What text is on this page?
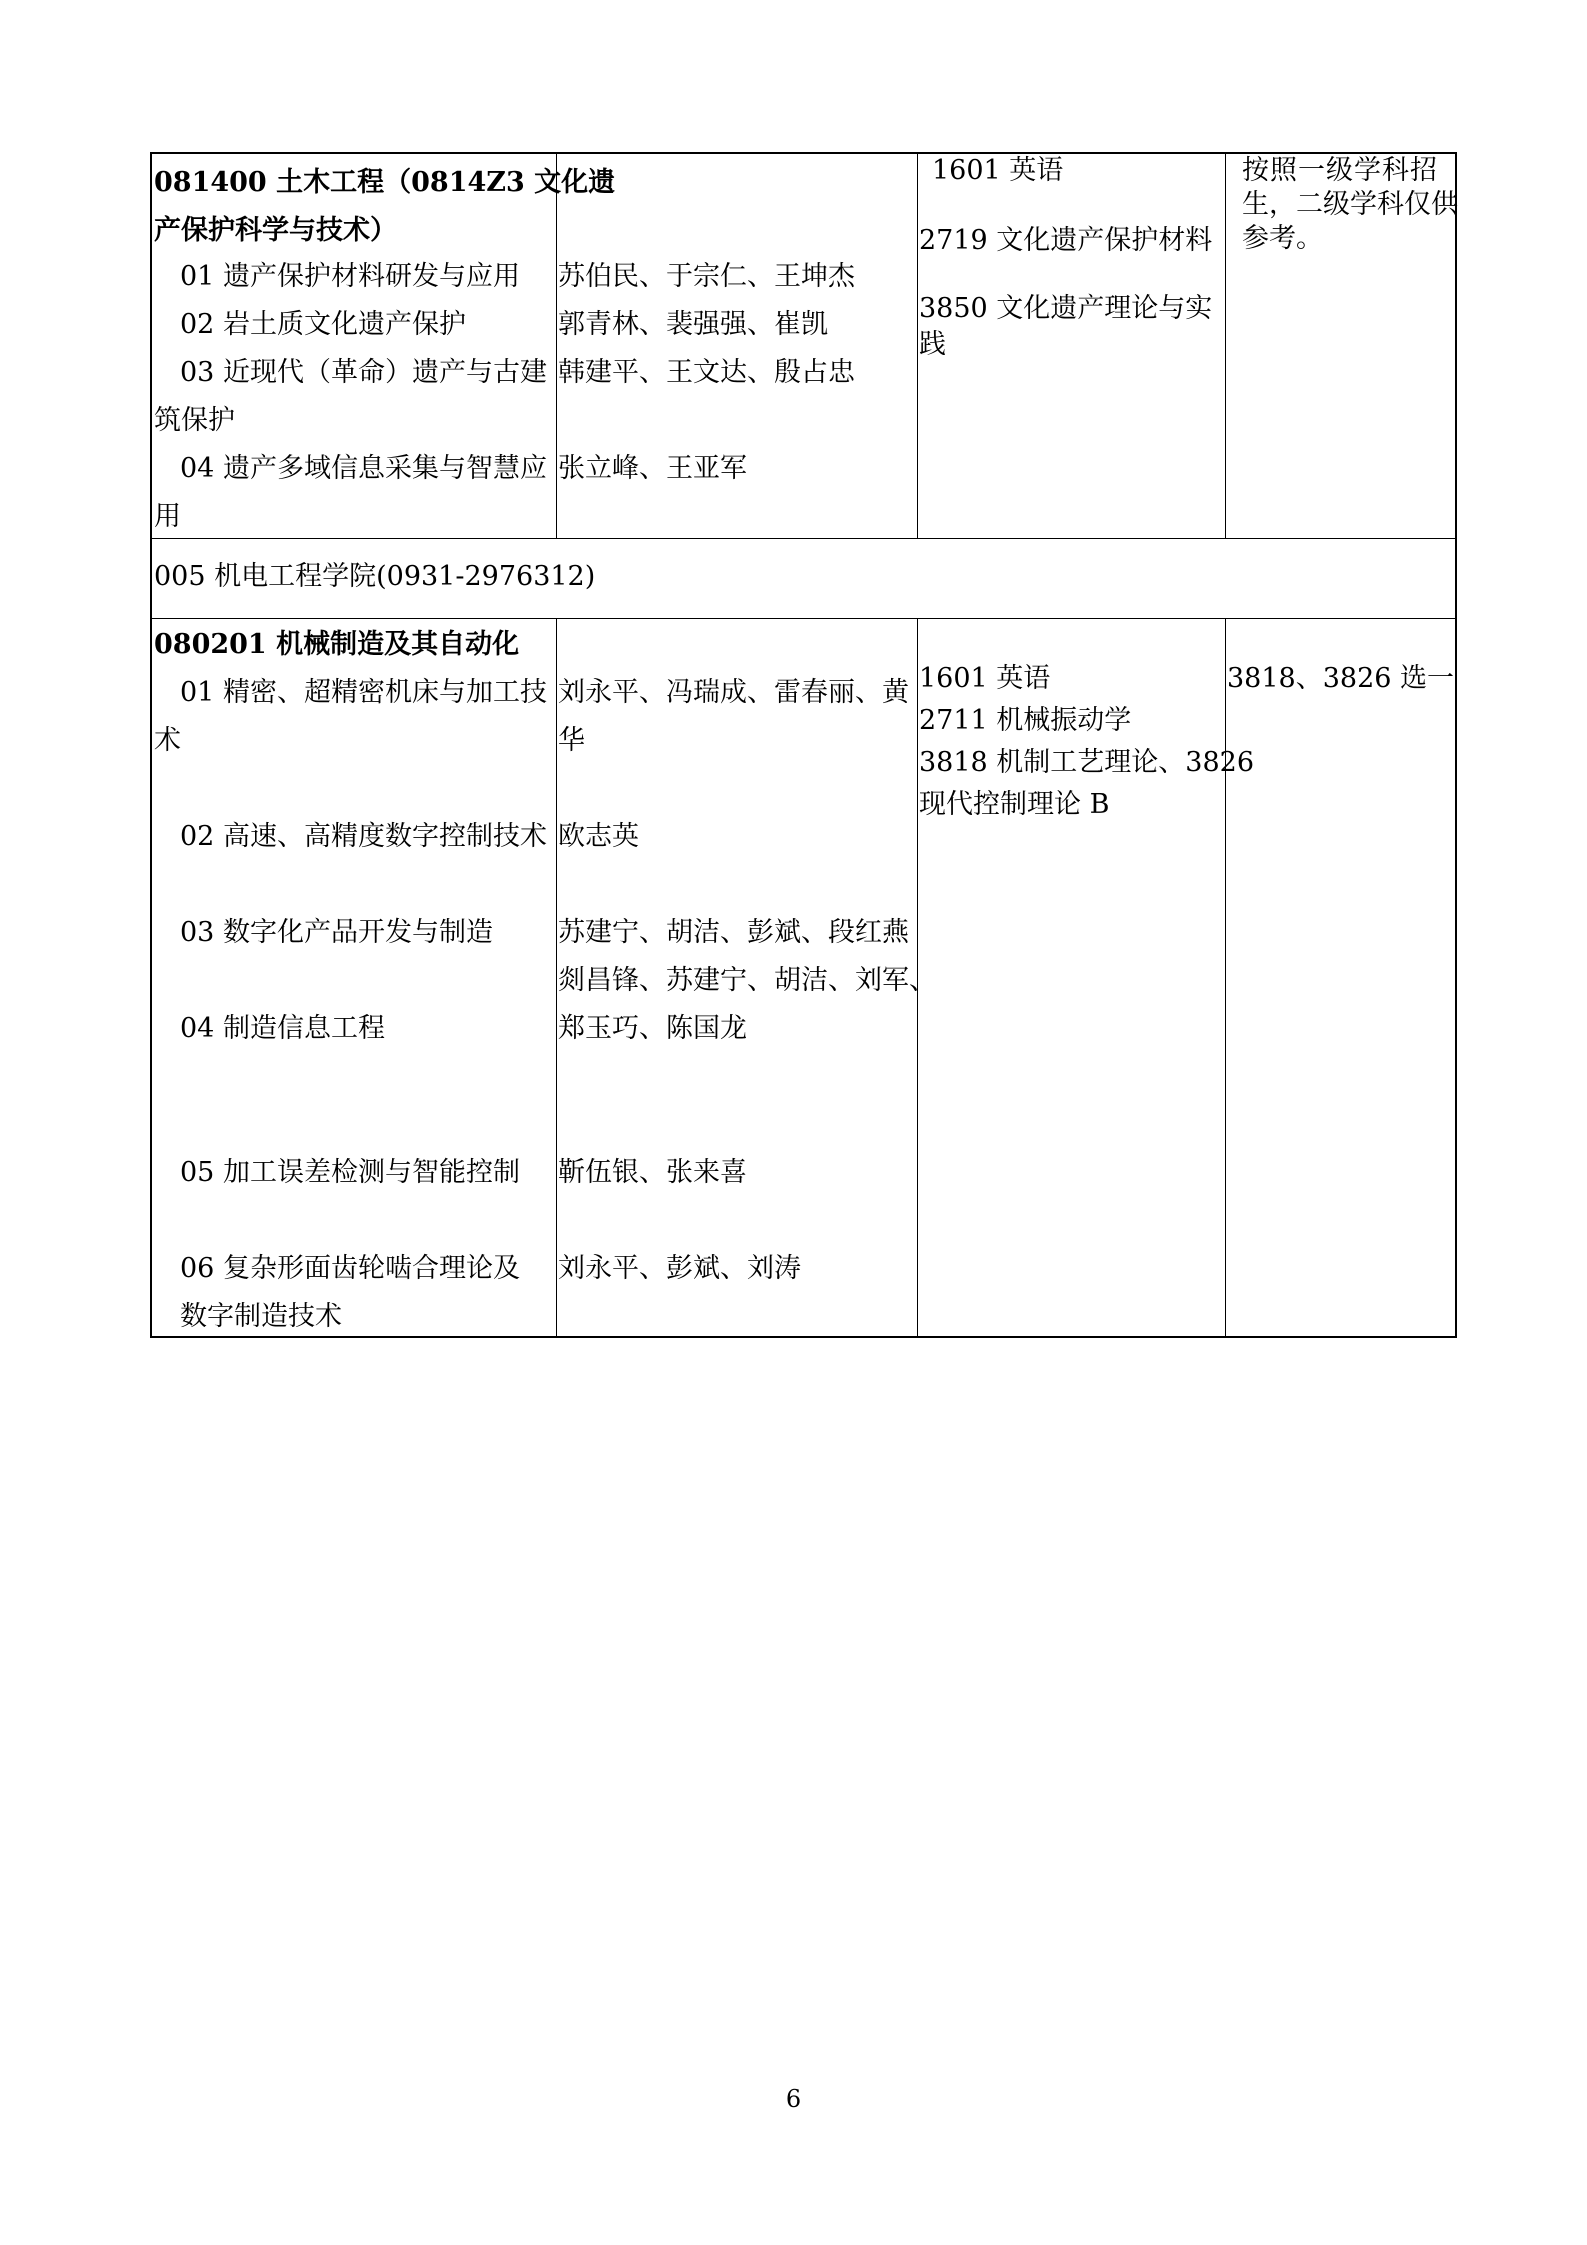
081400 土木工程（0814Z3 文化遗
产保护科学与技术）
01 遗产保护材料研发与应用
02 岩土质文化遗产保护
03 近现代（革命）遗产与古建
筑保护
04 遗产多域信息采集与智慧应
用
苏伯民、于宗仁、王坤杰
郭青林、裴强强、崔凯
韩建平、王文达、殷占忠
张立峰、王亚军
1601 英语
2719 文化遗产保护材料
3850 文化遗产理论与实
践
按照一级学科招
生，二级学科仅供
参考。
005 机电工程学院(0931-2976312)
080201 机械制造及其自动化
01 精密、超精密机床与加工技
术
02 高速、高精度数字控制技术
03 数字化产品开发与制造
04 制造信息工程
05 加工误差检测与智能控制
06 复杂形面齿轮啮合理论及
数字制造技术
刘永平、冯瑞成、雷春丽、黄
华
欧志英
苏建宁、胡洁、彭斌、段红燕
剡昌锋、苏建宁、胡洁、刘军、
郑玉巧、陈国龙
靳伍银、张来喜
刘永平、彭斌、刘涛
1601 英语
2711 机械振动学
3818 机制工艺理论、3826
现代控制理论 B
3818、3826 选一
6
